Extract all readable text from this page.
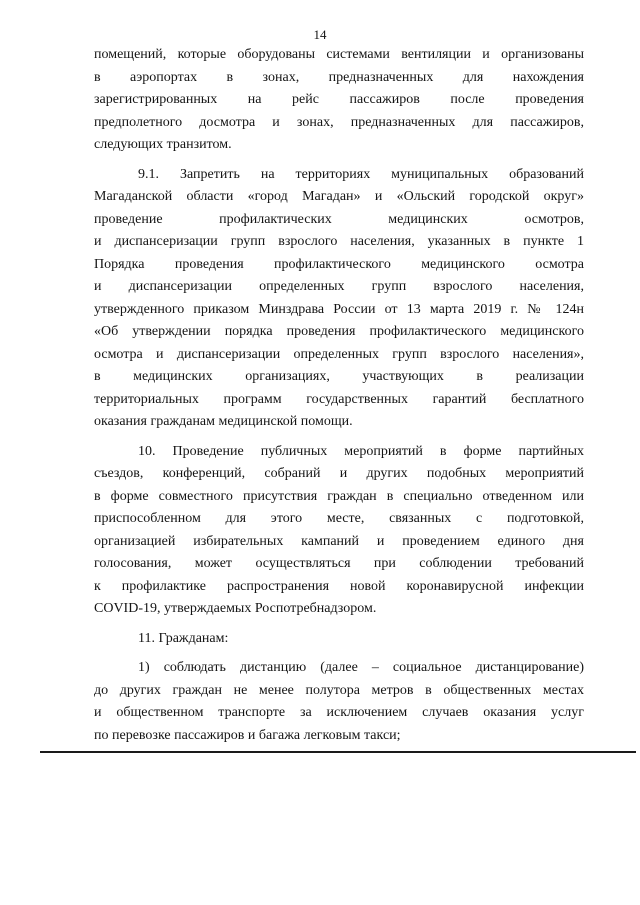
14

помещений, которые оборудованы системами вентиляции и организованы
в аэропортах в зонах, предназначенных для нахождения
зарегистрированных на рейс пассажиров после проведения
предполетного досмотра и зонах, предназначенных для пассажиров,
следующих транзитом.

9.1. Запретить на территориях муниципальных образований
Магаданской области «город Магадан» и «Ольский городской округ»
проведение профилактических медицинских осмотров,
и диспансеризации групп взрослого населения, указанных в пункте 1
Порядка проведения профилактического медицинского осмотра
и диспансеризации определенных групп взрослого населения,
утвержденного приказом Минздрава России от 13 марта 2019 г. № 124н
«Об утверждении порядка проведения профилактического медицинского
осмотра и диспансеризации определенных групп взрослого населения»,
в медицинских организациях, участвующих в реализации
территориальных программ государственных гарантий бесплатного
оказания гражданам медицинской помощи.

10. Проведение публичных мероприятий в форме партийных
съездов, конференций, собраний и других подобных мероприятий
в форме совместного присутствия граждан в специально отведенном или
приспособленном для этого месте, связанных с подготовкой,
организацией избирательных кампаний и проведением единого дня
голосования, может осуществляться при соблюдении требований
к профилактике распространения новой коронавирусной инфекции
COVID-19, утверждаемых Роспотребнадзором.

11. Гражданам:

1) соблюдать дистанцию (далее – социальное дистанцирование)
до других граждан не менее полутора метров в общественных местах
и общественном транспорте за исключением случаев оказания услуг
по перевозке пассажиров и багажа легковым такси;
